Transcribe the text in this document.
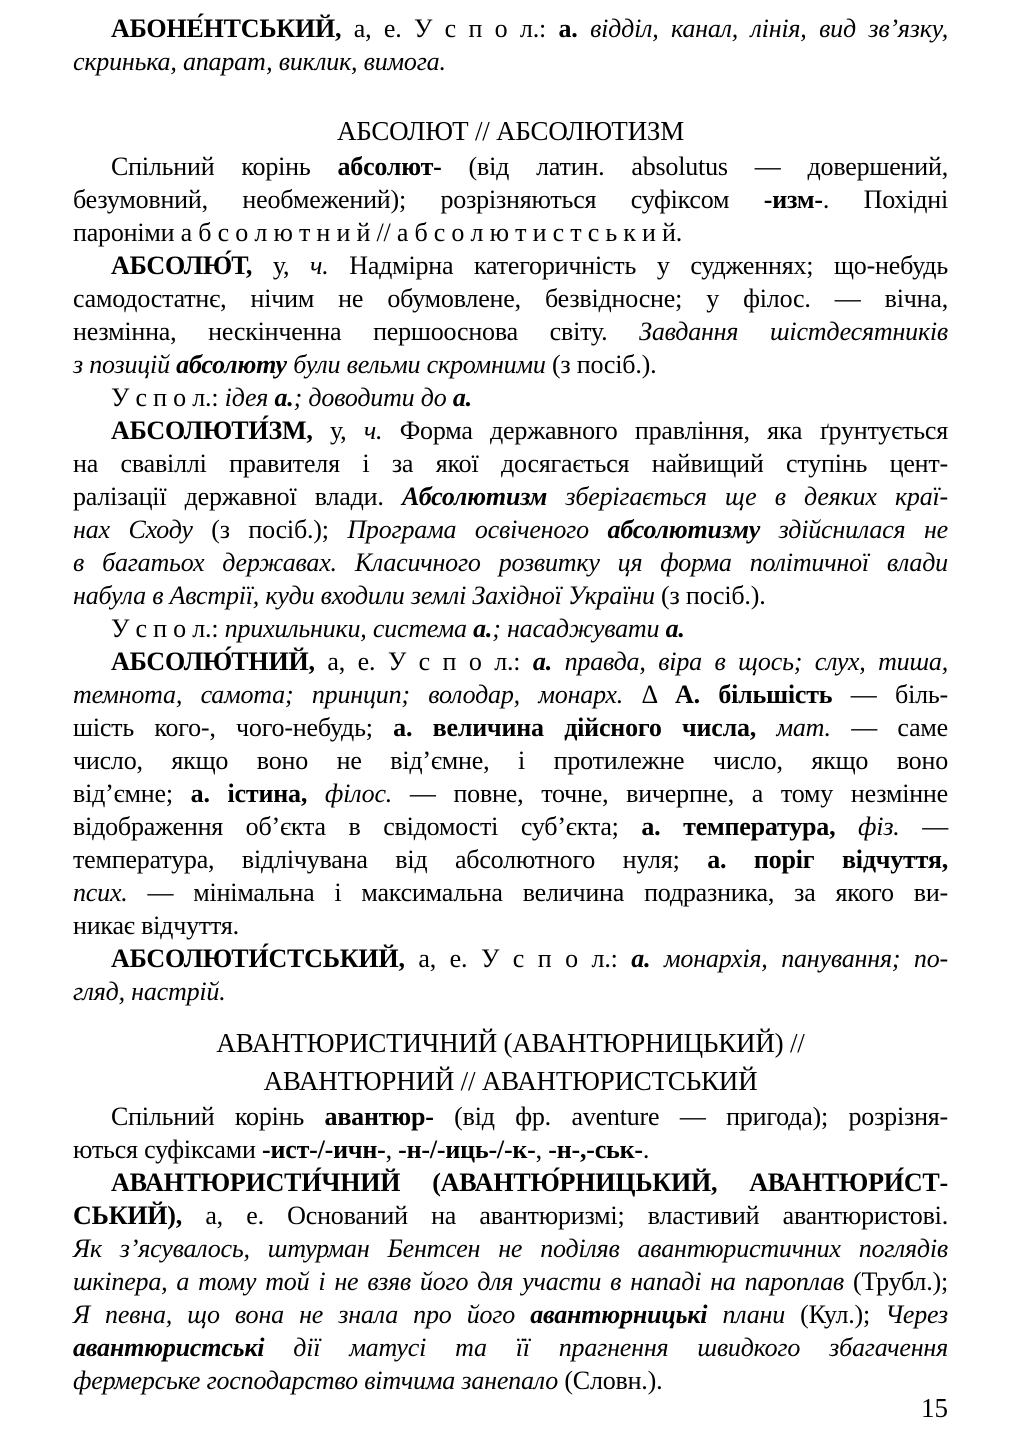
АБОНЕ́НТСЬКИЙ, а, е. У с п о л.: а. відділ, канал, лінія, вид зв’язку,
скринька, апарат, виклик, вимога.
АБСОЛЮТ // АБСОЛЮТИЗМ
Спільний корінь абсолют- (від латин. absolutus — довершений,
безумовний, необмежений); розрізняються суфіксом -изм-. Похідні
пароніми а б с о л ю т н и й // а б с о л ю т и с т с ь к и й.
АБСОЛЮ́Т, у, ч. Надмірна категоричність у судженнях; що-небудь
самодостатнє, нічим не обумовлене, безвідносне; у філос. — вічна,
незмінна, нескінченна першооснова світу. Завдання шістдесятників
з позицій абсолюту були вельми скромними (з посіб.).
У с п о л.: ідея а.; доводити до а.
АБСОЛЮТИ́ЗМ, у, ч. Форма державного правління, яка ґрунтується
на свавіллі правителя і за якої досягається найвищий ступінь цент-
ралізації державної влади. Абсолютизм зберігається ще в деяких краї-
нах Сходу (з посіб.); Програма освіченого абсолютизму здійснилася не
в багатьох державах. Класичного розвитку ця форма політичної влади
набула в Австрії, куди входили землі Західної України (з посіб.).
У с п о л.: прихильники, система а.; насаджувати а.
АБСОЛЮ́ТНИЙ, а, е. У с п о л.: а. правда, віра в щось; слух, тиша,
темнота, самота; принцип; володар, монарх. Δ А. більшість — біль-
шість кого-, чого-небудь; а. величина дійсного числа, мат. — саме
число, якщо воно не від’ємне, і протилежне число, якщо воно
від’ємне; а. істина, філос. — повне, точне, вичерпне, а тому незмінне
відображення об’єкта в свідомості суб’єкта; а. температура, фіз. —
температура, відлічувана від абсолютного нуля; а. поріг відчуття,
псих. — мінімальна і максимальна величина подразника, за якого ви-
никає відчуття.
АБСОЛЮТИ́СТСЬКИЙ, а, е. У с п о л.: а. монархія, панування; по-
гляд, настрій.
АВАНТЮРИСТИЧНИЙ (АВАНТЮРНИЦЬКИЙ) //
АВАНТЮРНИЙ // АВАНТЮРИСТСЬКИЙ
Спільний корінь авантюр- (від фр. aventure — пригода); розрізня-
ються суфіксами -ист-/-ичн-, -н-/-иць-/-к-, -н-,-ськ-.
АВАНТЮРИСТИ́ЧНИЙ (АВАНТЮ́РНИЦЬКИЙ, АВАНТЮРИ́СТ-
СЬКИЙ), а, е. Оснований на авантюризмі; властивий авантюристові.
Як з’ясувалось, штурман Бентсен не поділяв авантюристичних поглядів
шкіпера, а тому той і не взяв його для участи в нападі на пароплав (Трубл.);
Я певна, що вона не знала про його авантюрницькі плани (Кул.); Через
авантюристські дії матусі та її прагнення швидкого збагачення
фермерське господарство вітчима занепало (Словн.).
15
